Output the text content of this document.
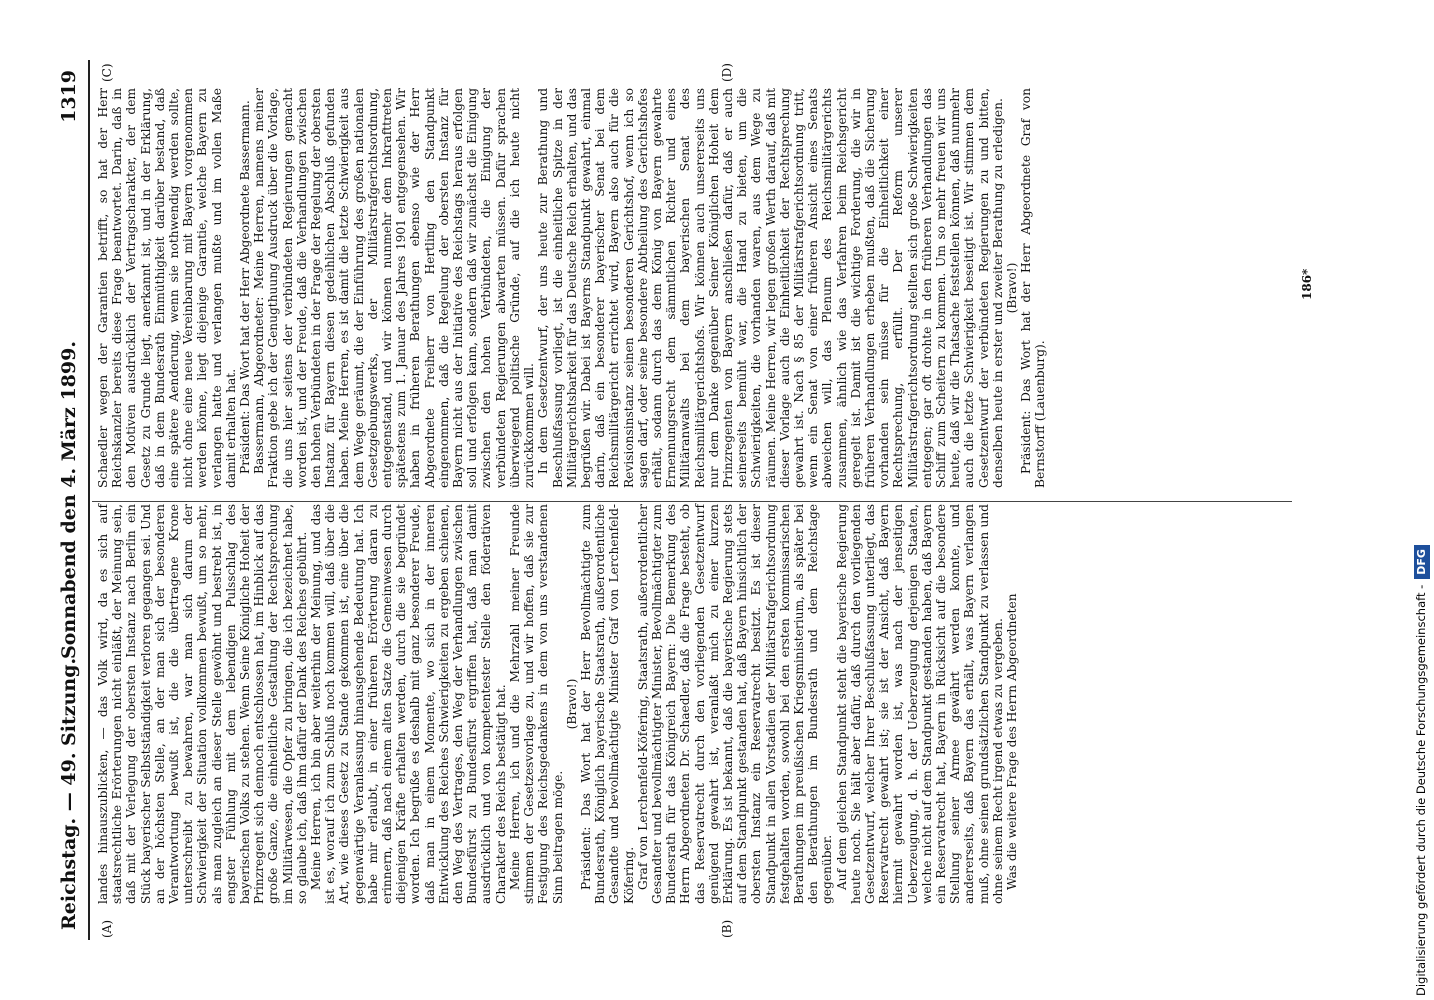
Reichstag. — 49. Sitzung.
Sonnabend den 4. März 1899.
1319
(A)	(B)
(C)	(D)

landes hinauszublicken, — das Volk wird, da es sich auf staatsrechtliche Erörterungen nicht einläßt, der Meinung sein, daß mit der Verlegung der obersten Instanz nach Berlin ein Stück bayerischer Selbstständigkeit verloren gegangen sei. Und an der höchsten Stelle, an der man sich der besonderen Verantwortung bewußt ist, die die übertragene Krone unterschreibt zu bewahren, war man sich darum der Schwierigkeit der Situation vollkommen bewußt, um so mehr, als man zugleich an dieser Stelle gewöhnt und bestrebt ist, in engster Fühlung mit dem lebendigen Pulsschlag des bayerischen Volks zu stehen. Wenn Seine Königliche Hoheit der Prinzregent sich dennoch entschlossen hat, im Hinblick auf das große Ganze, die einheitliche Gestaltung der Rechtsprechung im Militärwesen, die Opfer zu bringen, die ich bezeichnet habe, so glaube ich, daß ihm dafür der Dank des Reiches gebührt. Meine Herren, ich bin aber weiterhin der Meinung, und das ist es, worauf ich zum Schluß noch kommen will, daß über die Art, wie dieses Gesetz zu Stande gekommen ist, eine über die gegenwärtige Veranlassung hinausgehende Bedeutung hat. Ich habe mir erlaubt, in einer früheren Erörterung daran zu erinnern, daß nach einem alten Satze die Gemeinwesen durch diejenigen Kräfte erhalten werden, durch die sie begründet worden. Ich begrüße es deshalb mit ganz besonderer Freude, daß man in einem Momente, wo sich in der inneren Entwicklung des Reiches Schwierigkeiten zu ergeben schienen, den Weg des Vertrages, den Weg der Verhandlungen zwischen Bundesfürst zu Bundesfürst ergriffen hat, daß man damit ausdrücklich und von kompetentester Stelle den föderativen Charakter des Reichs bestätigt hat. Meine Herren, ich und die Mehrzahl meiner Freunde stimmen der Gesetzesvorlage zu, und wir hoffen, daß sie zur Festigung des Reichsgedankens in dem von uns verstandenen Sinn beitragen möge.

(Bravo!) Präsident: Das Wort hat der Herr Bevollmächtigte zum Bundesrath, Königlich bayerische Staatsrath, außerordentliche Gesandte und bevollmächtigte Minister Graf von Lerchenfeld-Köfering. Graf von Lerchenfeld-Köfering, Staatsrath, außerordentlicher Gesandter und bevollmächtigter Minister, Bevollmächtigter zum Bundesrath für das Königreich Bayern: Die Bemerkung des Herrn Abgeordneten Dr. Schaedler, daß die Frage besteht, ob das Reservatrecht durch den vorliegenden Gesetzentwurf genügend gewahrt ist, veranlaßt mich zu einer kurzen Erklärung. Es ist bekannt, daß die bayerische Regierung stets auf dem Standpunkt gestanden hat, daß Bayern hinsichtlich der obersten Instanz ein Reservatrecht besitzt. Es ist dieser Standpunkt in allen Vorstadien der Militärstrafgerichtsordnung festgehalten worden, sowohl bei den ersten kommissarischen Berathungen im preußischen Kriegsministerium, als später bei den Berathungen im Bundesrath und dem Reichstage gegenüber. Auf dem gleichen Standpunkt steht die bayerische Regierung heute noch. Sie hält aber dafür, daß durch den vorliegenden Gesetzentwurf, welcher Ihrer Beschlußfassung unterliegt, das Reservatrecht gewahrt ist; sie ist der Ansicht, daß Bayern hiermit gewahrt worden ist, was nach der jenseitigen Ueberzeugung, d. h. der Ueberzeugung derjenigen Staaten, welche nicht auf dem Standpunkt gestanden haben, daß Bayern ein Reservatrecht hat, Bayern in Rücksicht auf die besondere Stellung seiner Armee gewährt werden konnte, und andererseits, daß Bayern das erhält, was Bayern verlangen muß, ohne seinen grundsätzlichen Standpunkt zu verlassen und ohne seinem Recht irgend etwas zu vergeben. Was die weitere Frage des Herrn Abgeordneten

Schaedler wegen der Garantien betrifft, so hat der Herr Reichskanzler bereits diese Frage beantwortet. Darin, daß in den Motiven ausdrücklich der Vertragscharakter, der dem Gesetz zu Grunde liegt, anerkannt ist, und in der Erklärung, daß in dem Bundesrath Einmüthigkeit darüber bestand, daß eine spätere Aenderung, wenn sie nothwendig werden sollte, nicht ohne eine neue Vereinbarung mit Bayern vorgenommen werden könne, liegt diejenige Garantie, welche Bayern zu verlangen hatte und verlangen mußte und im vollen Maße damit erhalten hat. Präsident: Das Wort hat der Herr Abgeordnete Bassermann. Bassermann, Abgeordneter: Meine Herren, namens meiner Fraktion gebe ich der Genugthuung Ausdruck über die Vorlage, die uns hier seitens der verbündeten Regierungen gemacht worden ist, und der Freude, daß die Verhandlungen zwischen den hohen Verbündeten in der Frage der Regelung der obersten Instanz für Bayern diesen gedeihlichen Abschluß gefunden haben. Meine Herren, es ist damit die letzte Schwierigkeit aus dem Wege geräumt, die der Einführung des großen nationalen Gesetzgebungswerks, der Militärstrafgerichtsordnung, entgegenstand, und wir können nunmehr dem Inkrafttreten spätestens zum 1. Januar des Jahres 1901 entgegensehen. Wir haben in früheren Berathungen ebenso wie der Herr Abgeordnete Freiherr von Hertling den Standpunkt eingenommen, daß die Regelung der obersten Instanz für Bayern nicht aus der Initiative des Reichstags heraus erfolgen soll und erfolgen kann, sondern daß wir zunächst die Einigung zwischen den hohen Verbündeten, die Einigung der verbündeten Regierungen abwarten müssen. Dafür sprachen überwiegend politische Gründe, auf die ich heute nicht zurückkommen will. In dem Gesetzentwurf, der uns heute zur Berathung und Beschlußfassung vorliegt, ist die einheitliche Spitze in der Militärgerichtsbarkeit für das Deutsche Reich erhalten, und das begrüßen wir. Dabei ist Bayerns Standpunkt gewahrt, einmal darin, daß ein besonderer bayerischer Senat bei dem Reichsmilitärgericht errichtet wird, Bayern also auch für die Revisionsinstanz seinen besonderen Gerichtshof, wenn ich so sagen darf, oder seine besondere Abtheilung des Gerichtshofes erhält, sodann durch das dem König von Bayern gewahrte Ernennungsrecht dem sämmtlichen Richter und eines Militäranwalts bei dem bayerischen Senat des Reichsmilitärgerichtshofs. Wir können auch unsererseits uns nur dem Danke gegenüber Seiner Königlichen Hoheit dem Prinzregenten von Bayern anschließen dafür, daß er auch seinerseits bemüht war, die Hand zu bieten, um die Schwierigkeiten, die vorhanden waren, aus dem Wege zu räumen. Meine Herren, wir legen großen Werth darauf, daß mit dieser Vorlage auch die Einheitlichkeit der Rechtsprechung gewahrt ist. Nach § 85 der Militärstrafgerichtsordnung tritt, wenn ein Senat von einer früheren Ansicht eines Senats abweichen will, das Plenum des Reichsmilitärgerichts zusammen, ähnlich wie das Verfahren beim Reichsgericht geregelt ist. Damit ist die wichtige Forderung, die wir in früheren Verhandlungen erheben mußten, daß die Sicherung vorhanden sein müsse für die Einheitlichkeit einer Rechtsprechung, erfüllt. Der Reform unserer Militärstrafgerichtsordnung stellten sich große Schwierigkeiten entgegen; gar oft drohte in den früheren Verhandlungen das Schiff zum Scheitern zu kommen. Um so mehr freuen wir uns heute, daß wir die Thatsache feststellen können, daß nunmehr auch die letzte Schwierigkeit beseitigt ist. Wir stimmen dem Gesetzentwurf der verbündeten Regierungen zu und bitten, denselben heute in erster und zweiter Berathung zu erledigen. (Bravo!) Präsident: Das Wort hat der Herr Abgeordnete Graf von Bernstorff (Lauenburg).

186*
Digitalisierung gefördert durch die Deutsche Forschungsgemeinschaft -DFG
